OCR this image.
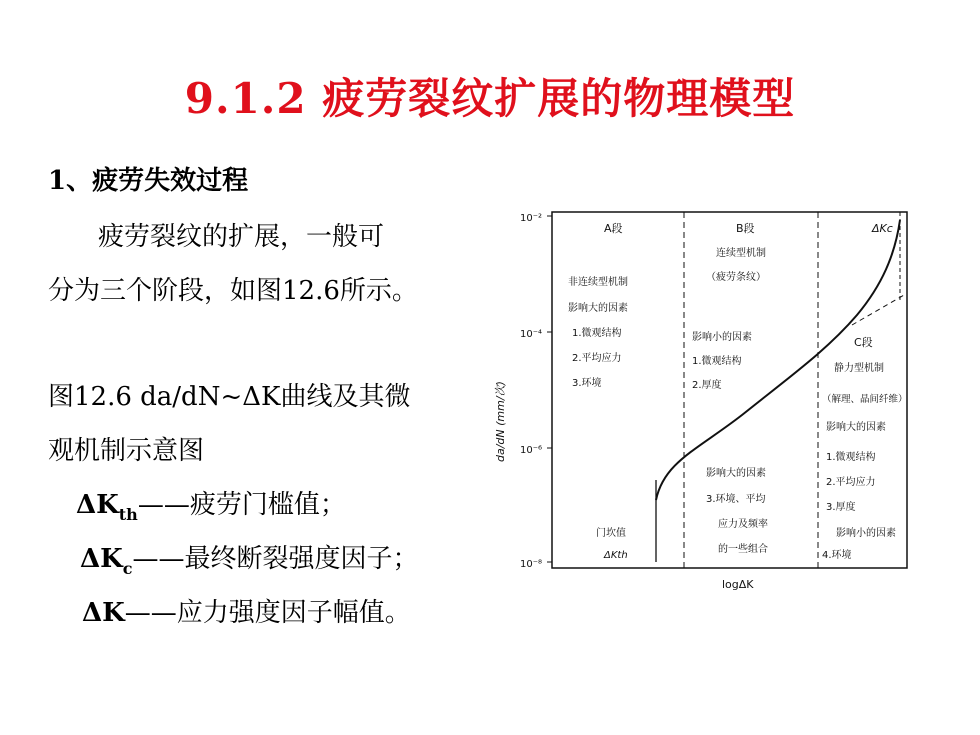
9.1.2 疲劳裂纹扩展的物理模型
1、疲劳失效过程
疲劳裂纹的扩展，一般可
分为三个阶段，如图12.6所示。
图12.6 da/dN~ΔK曲线及其微
观机制示意图
$\Delta K_{th}——$疲劳门槛值；
$\Delta K_c——$最终断裂强度因子；
ΔK——应力强度因子幅值。
10⁻²
10⁻⁴
10⁻⁶
10⁻⁸
da/dN (mm/次)
logΔK
A段
非连续型机制
影响大的因素
1.微观结构
2.平均应力
3.环境
门坎值
ΔKth
B段
连续型机制
（疲劳条纹）
影响小的因素
1.微观结构
2.厚度
影响大的因素
3.环境、平均
应力及频率
的一些组合
ΔKc
C段
静力型机制
（解理、晶间纤维）
影响大的因素
1.微观结构
2.平均应力
3.厚度
影响小的因素
4.环境
